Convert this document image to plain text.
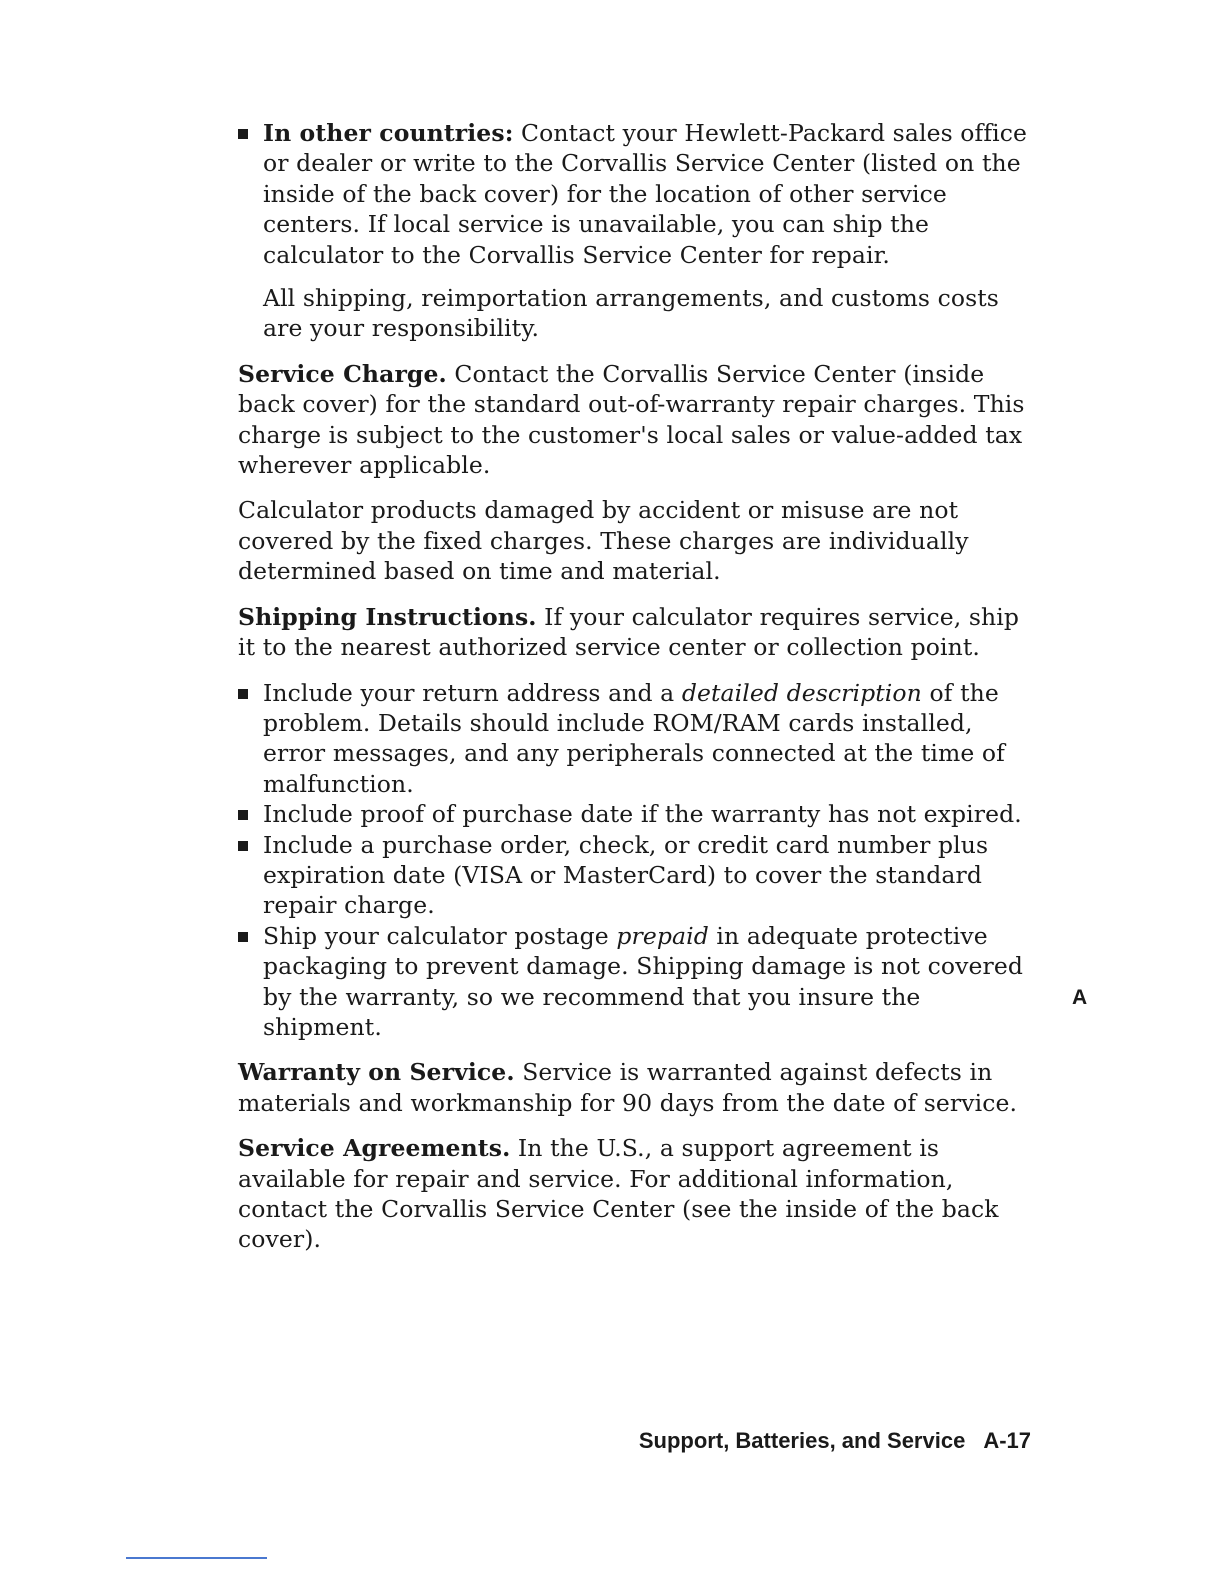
In other countries: Contact your Hewlett-Packard sales office or dealer or write to the Corvallis Service Center (listed on the inside of the back cover) for the location of other service centers. If local service is unavailable, you can ship the calculator to the Corvallis Service Center for repair.

All shipping, reimportation arrangements, and customs costs are your responsibility.

Service Charge. Contact the Corvallis Service Center (inside back cover) for the standard out-of-warranty repair charges. This charge is subject to the customer's local sales or value-added tax wherever applicable.

Calculator products damaged by accident or misuse are not covered by the fixed charges. These charges are individually determined based on time and material.

Shipping Instructions. If your calculator requires service, ship it to the nearest authorized service center or collection point.

Include your return address and a detailed description of the problem. Details should include ROM/RAM cards installed, error messages, and any peripherals connected at the time of malfunction.
Include proof of purchase date if the warranty has not expired.
Include a purchase order, check, or credit card number plus expiration date (VISA or MasterCard) to cover the standard repair charge.
Ship your calculator postage prepaid in adequate protective packaging to prevent damage. Shipping damage is not covered by the warranty, so we recommend that you insure the shipment.

Warranty on Service. Service is warranted against defects in materials and workmanship for 90 days from the date of service.

Service Agreements. In the U.S., a support agreement is available for repair and service. For additional information, contact the Corvallis Service Center (see the inside of the back cover).

A
Support, Batteries, and Service A-17
